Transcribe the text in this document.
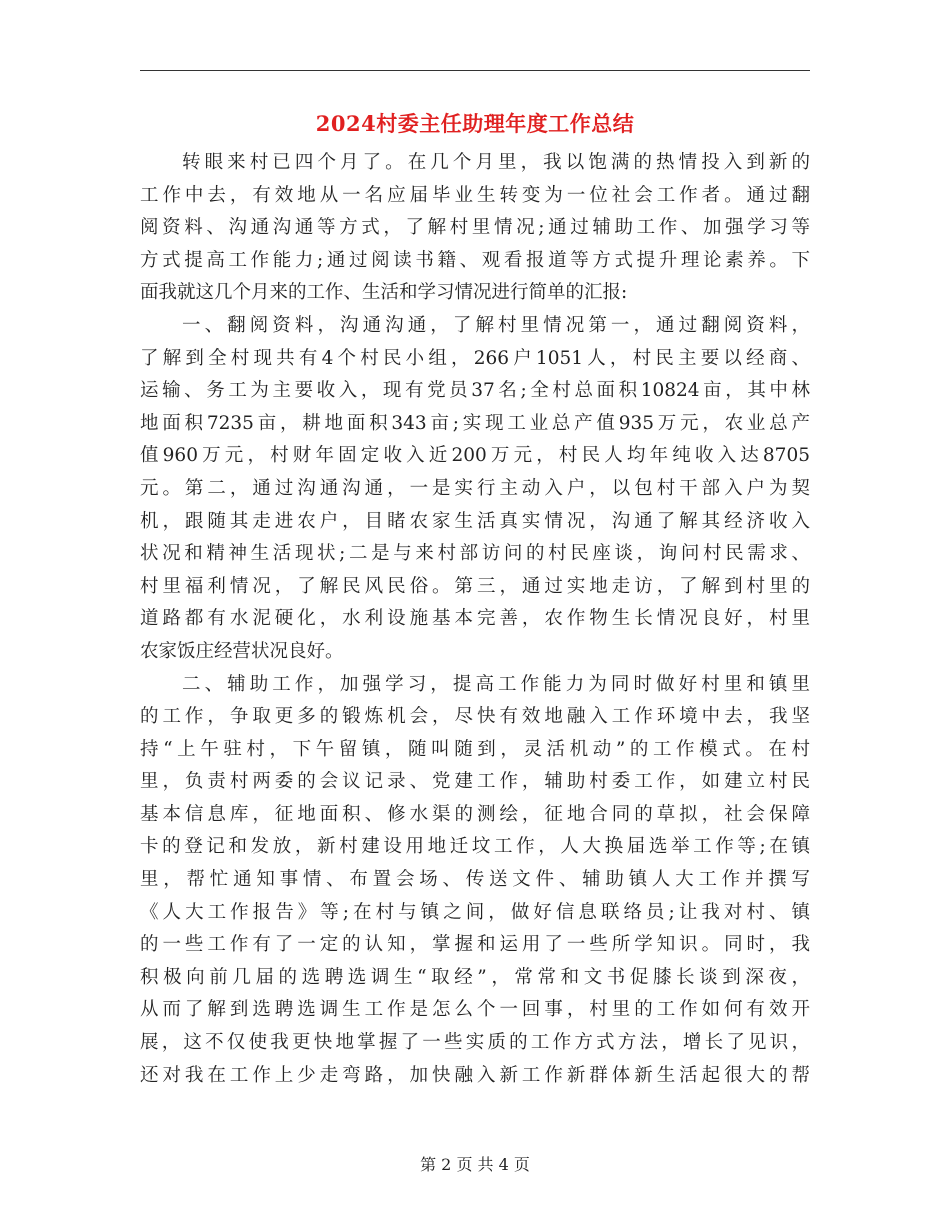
2024村委主任助理年度工作总结
转眼来村已四个月了。在几个月里，我以饱满的热情投入到新的
工作中去，有效地从一名应届毕业生转变为一位社会工作者。通过翻
阅资料、沟通沟通等方式，了解村里情况;通过辅助工作、加强学习等
方式提高工作能力;通过阅读书籍、观看报道等方式提升理论素养。下
面我就这几个月来的工作、生活和学习情况进行简单的汇报:
一、翻阅资料，沟通沟通，了解村里情况第一，通过翻阅资料，
了解到全村现共有4个村民小组，266户1051人，村民主要以经商、
运输、务工为主要收入，现有党员37名;全村总面积10824亩，其中林
地面积7235亩，耕地面积343亩;实现工业总产值935万元，农业总产
值960万元，村财年固定收入近200万元，村民人均年纯收入达8705
元。第二，通过沟通沟通，一是实行主动入户，以包村干部入户为契
机，跟随其走进农户，目睹农家生活真实情况，沟通了解其经济收入
状况和精神生活现状;二是与来村部访问的村民座谈，询问村民需求、
村里福利情况，了解民风民俗。第三，通过实地走访，了解到村里的
道路都有水泥硬化，水利设施基本完善，农作物生长情况良好，村里
农家饭庄经营状况良好。
二、辅助工作，加强学习，提高工作能力为同时做好村里和镇里
的工作，争取更多的锻炼机会，尽快有效地融入工作环境中去，我坚
持“上午驻村，下午留镇，随叫随到，灵活机动”的工作模式。在村
里，负责村两委的会议记录、党建工作，辅助村委工作，如建立村民
基本信息库，征地面积、修水渠的测绘，征地合同的草拟，社会保障
卡的登记和发放，新村建设用地迁坟工作，人大换届选举工作等;在镇
里，帮忙通知事情、布置会场、传送文件、辅助镇人大工作并撰写
《人大工作报告》等;在村与镇之间，做好信息联络员;让我对村、镇
的一些工作有了一定的认知，掌握和运用了一些所学知识。同时，我
积极向前几届的选聘选调生“取经”，常常和文书促膝长谈到深夜，
从而了解到选聘选调生工作是怎么个一回事，村里的工作如何有效开
展，这不仅使我更快地掌握了一些实质的工作方式方法，增长了见识，
还对我在工作上少走弯路，加快融入新工作新群体新生活起很大的帮
第 2 页 共 4 页
